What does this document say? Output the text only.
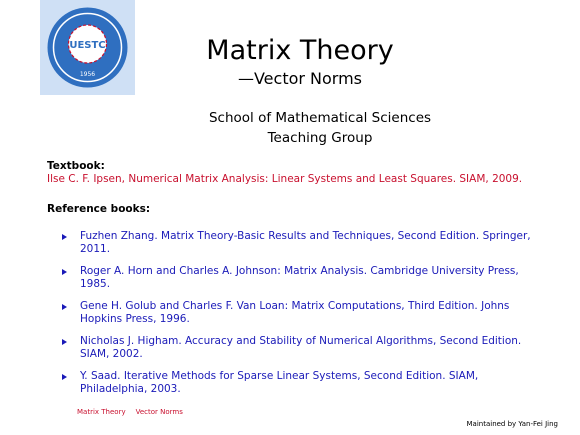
UESTC
1956
Matrix Theory
—Vector Norms
School of Mathematical Sciences
Teaching Group
Textbook:
Ilse C. F. Ipsen, Numerical Matrix Analysis: Linear Systems and Least Squares. SIAM, 2009.
Reference books:
Fuzhen Zhang. Matrix Theory-Basic Results and Techniques, Second Edition. Springer, 2011.
Roger A. Horn and Charles A. Johnson: Matrix Analysis. Cambridge University Press, 1985.
Gene H. Golub and Charles F. Van Loan: Matrix Computations, Third Edition. Johns Hopkins Press, 1996.
Nicholas J. Higham. Accuracy and Stability of Numerical Algorithms, Second Edition. SIAM, 2002.
Y. Saad. Iterative Methods for Sparse Linear Systems, Second Edition. SIAM, Philadelphia, 2003.
Matrix Theory Vector Norms
Maintained by Yan-Fei Jing
